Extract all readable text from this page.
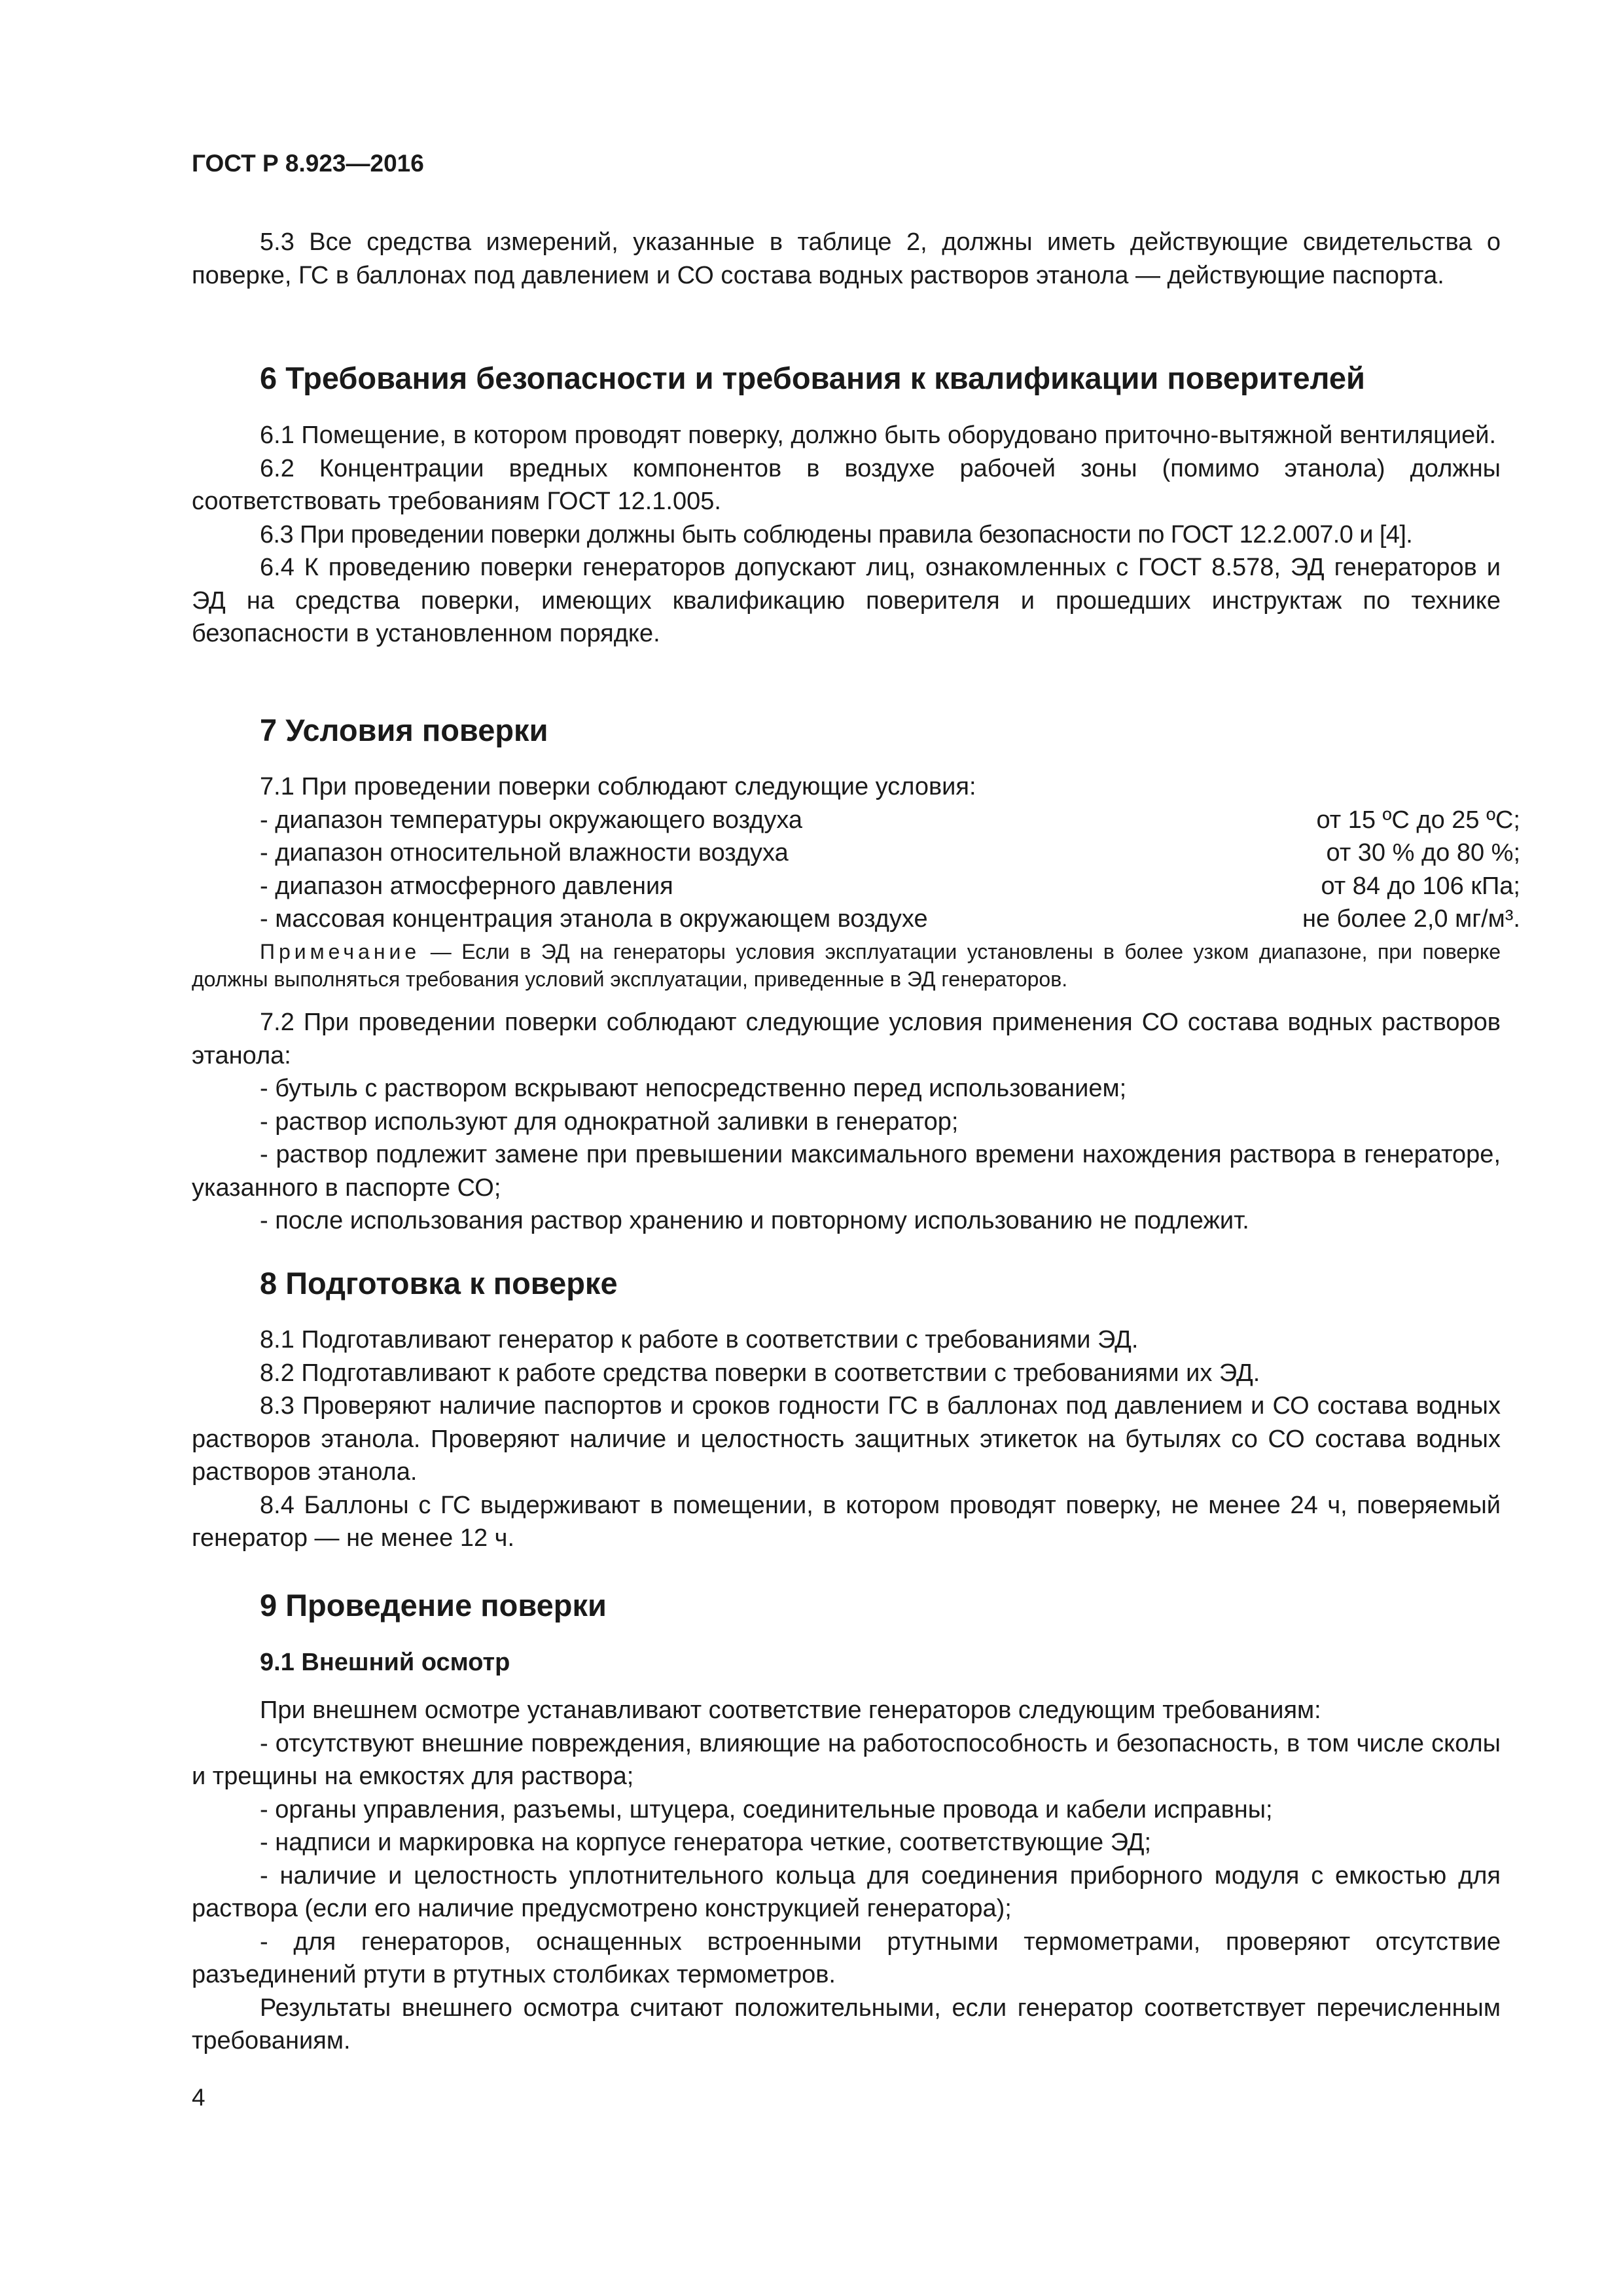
ГОСТ Р 8.923—2016

5.3 Все средства измерений, указанные в таблице 2, должны иметь действующие свидетельства о поверке, ГС в баллонах под давлением и СО состава водных растворов этанола — действующие паспорта.

6 Требования безопасности и требования к квалификации поверителей

6.1 Помещение, в котором проводят поверку, должно быть оборудовано приточно-вытяжной вентиляцией.

6.2 Концентрации вредных компонентов в воздухе рабочей зоны (помимо этанола) должны соответствовать требованиям ГОСТ 12.1.005.

6.3 При проведении поверки должны быть соблюдены правила безопасности по ГОСТ 12.2.007.0 и [4].

6.4 К проведению поверки генераторов допускают лиц, ознакомленных с ГОСТ 8.578, ЭД генераторов и ЭД на средства поверки, имеющих квалификацию поверителя и прошедших инструктаж по технике безопасности в установленном порядке.

7 Условия поверки

7.1 При проведении поверки соблюдают следующие условия:

- диапазон температуры окружающего воздуха	от 15 ºС до 25 ºС;
- диапазон относительной влажности воздуха	от 30 % до 80 %;
- диапазон атмосферного давления	от 84 до 106 кПа;
- массовая концентрация этанола в окружающем воздухе	не более 2,0 мг/м³.

Примечание — Если в ЭД на генераторы условия эксплуатации установлены в более узком диапазоне, при поверке должны выполняться требования условий эксплуатации, приведенные в ЭД генераторов.

7.2 При проведении поверки соблюдают следующие условия применения СО состава водных растворов этанола:

- бутыль с раствором вскрывают непосредственно перед использованием;

- раствор используют для однократной заливки в генератор;

- раствор подлежит замене при превышении максимального времени нахождения раствора в генераторе, указанного в паспорте СО;

- после использования раствор хранению и повторному использованию не подлежит.

8 Подготовка к поверке

8.1 Подготавливают генератор к работе в соответствии с требованиями ЭД.

8.2 Подготавливают к работе средства поверки в соответствии с требованиями их ЭД.

8.3 Проверяют наличие паспортов и сроков годности ГС в баллонах под давлением и СО состава водных растворов этанола. Проверяют наличие и целостность защитных этикеток на бутылях со СО состава водных растворов этанола.

8.4 Баллоны с ГС выдерживают в помещении, в котором проводят поверку, не менее 24 ч, поверяемый генератор — не менее 12 ч.

9 Проведение поверки
9.1 Внешний осмотр

При внешнем осмотре устанавливают соответствие генераторов следующим требованиям:

- отсутствуют внешние повреждения, влияющие на работоспособность и безопасность, в том числе сколы и трещины на емкостях для раствора;

- органы управления, разъемы, штуцера, соединительные провода и кабели исправны;

- надписи и маркировка на корпусе генератора четкие, соответствующие ЭД;

- наличие и целостность уплотнительного кольца для соединения приборного модуля с емкостью для раствора (если его наличие предусмотрено конструкцией генератора);

- для генераторов, оснащенных встроенными ртутными термометрами, проверяют отсутствие разъединений ртути в ртутных столбиках термометров.

Результаты внешнего осмотра считают положительными, если генератор соответствует перечисленным требованиям.

4
